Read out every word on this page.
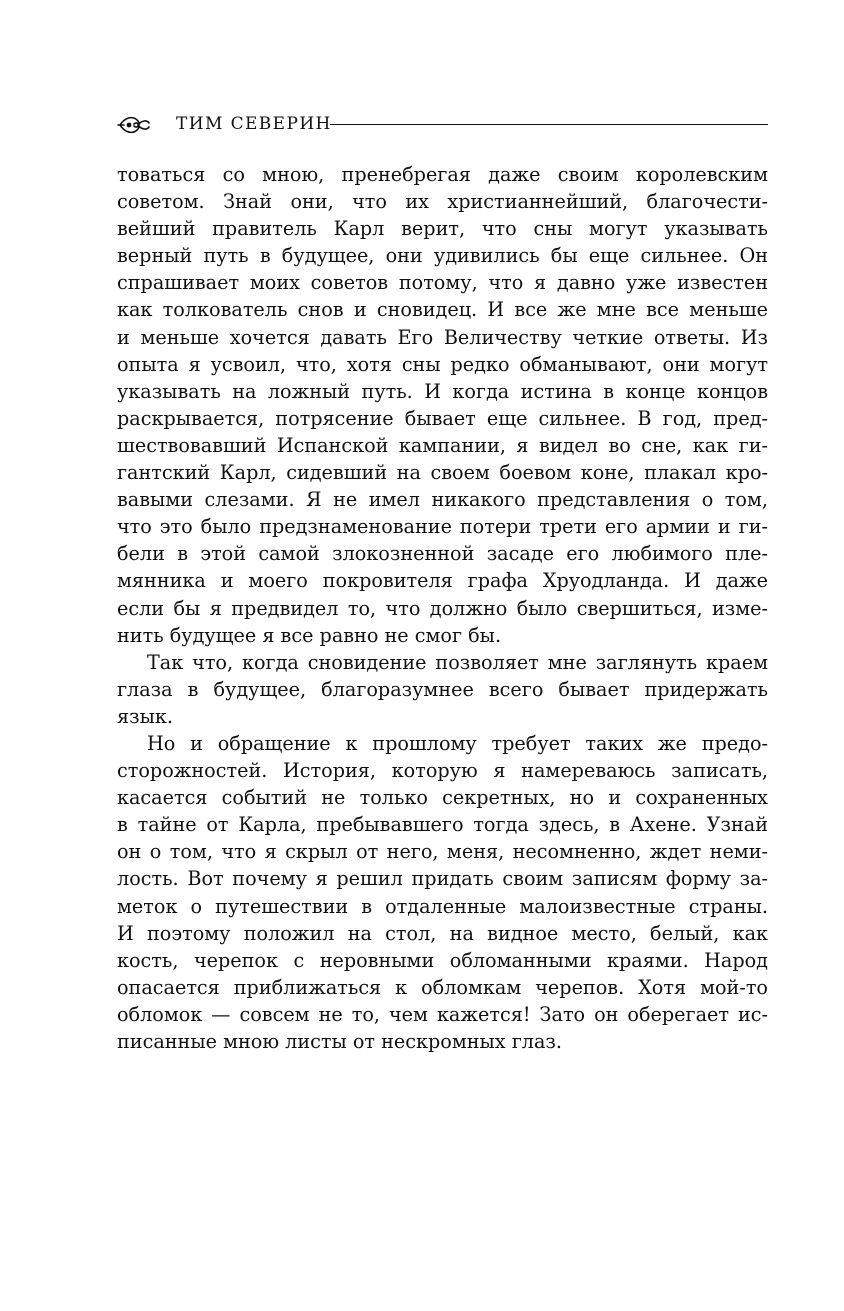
ТИМ СЕВЕРИН
товаться со мною, пренебрегая даже своим королевским
советом. Знай они, что их христианнейший, благочести-
вейший правитель Карл верит, что сны могут указывать
верный путь в будущее, они удивились бы еще сильнее. Он
спрашивает моих советов потому, что я давно уже известен
как толкователь снов и сновидец. И все же мне все меньше
и меньше хочется давать Его Величеству четкие ответы. Из
опыта я усвоил, что, хотя сны редко обманывают, они могут
указывать на ложный путь. И когда истина в конце концов
раскрывается, потрясение бывает еще сильнее. В год, пред-
шествовавший Испанской кампании, я видел во сне, как ги-
гантский Карл, сидевший на своем боевом коне, плакал кро-
вавыми слезами. Я не имел никакого представления о том,
что это было предзнаменование потери трети его армии и ги-
бели в этой самой злокозненной засаде его любимого пле-
мянника и моего покровителя графа Хруодланда. И даже
если бы я предвидел то, что должно было свершиться, изме-
нить будущее я все равно не смог бы.
Так что, когда сновидение позволяет мне заглянуть краем
глаза в будущее, благоразумнее всего бывает придержать
язык.
Но и обращение к прошлому требует таких же предо-
сторожностей. История, которую я намереваюсь записать,
касается событий не только секретных, но и сохраненных
в тайне от Карла, пребывавшего тогда здесь, в Ахене. Узнай
он о том, что я скрыл от него, меня, несомненно, ждет неми-
лость. Вот почему я решил придать своим записям форму за-
меток о путешествии в отдаленные малоизвестные страны.
И поэтому положил на стол, на видное место, белый, как
кость, черепок с неровными обломанными краями. Народ
опасается приближаться к обломкам черепов. Хотя мой-то
обломок — совсем не то, чем кажется! Зато он оберегает ис-
писанные мною листы от нескромных глаз.
